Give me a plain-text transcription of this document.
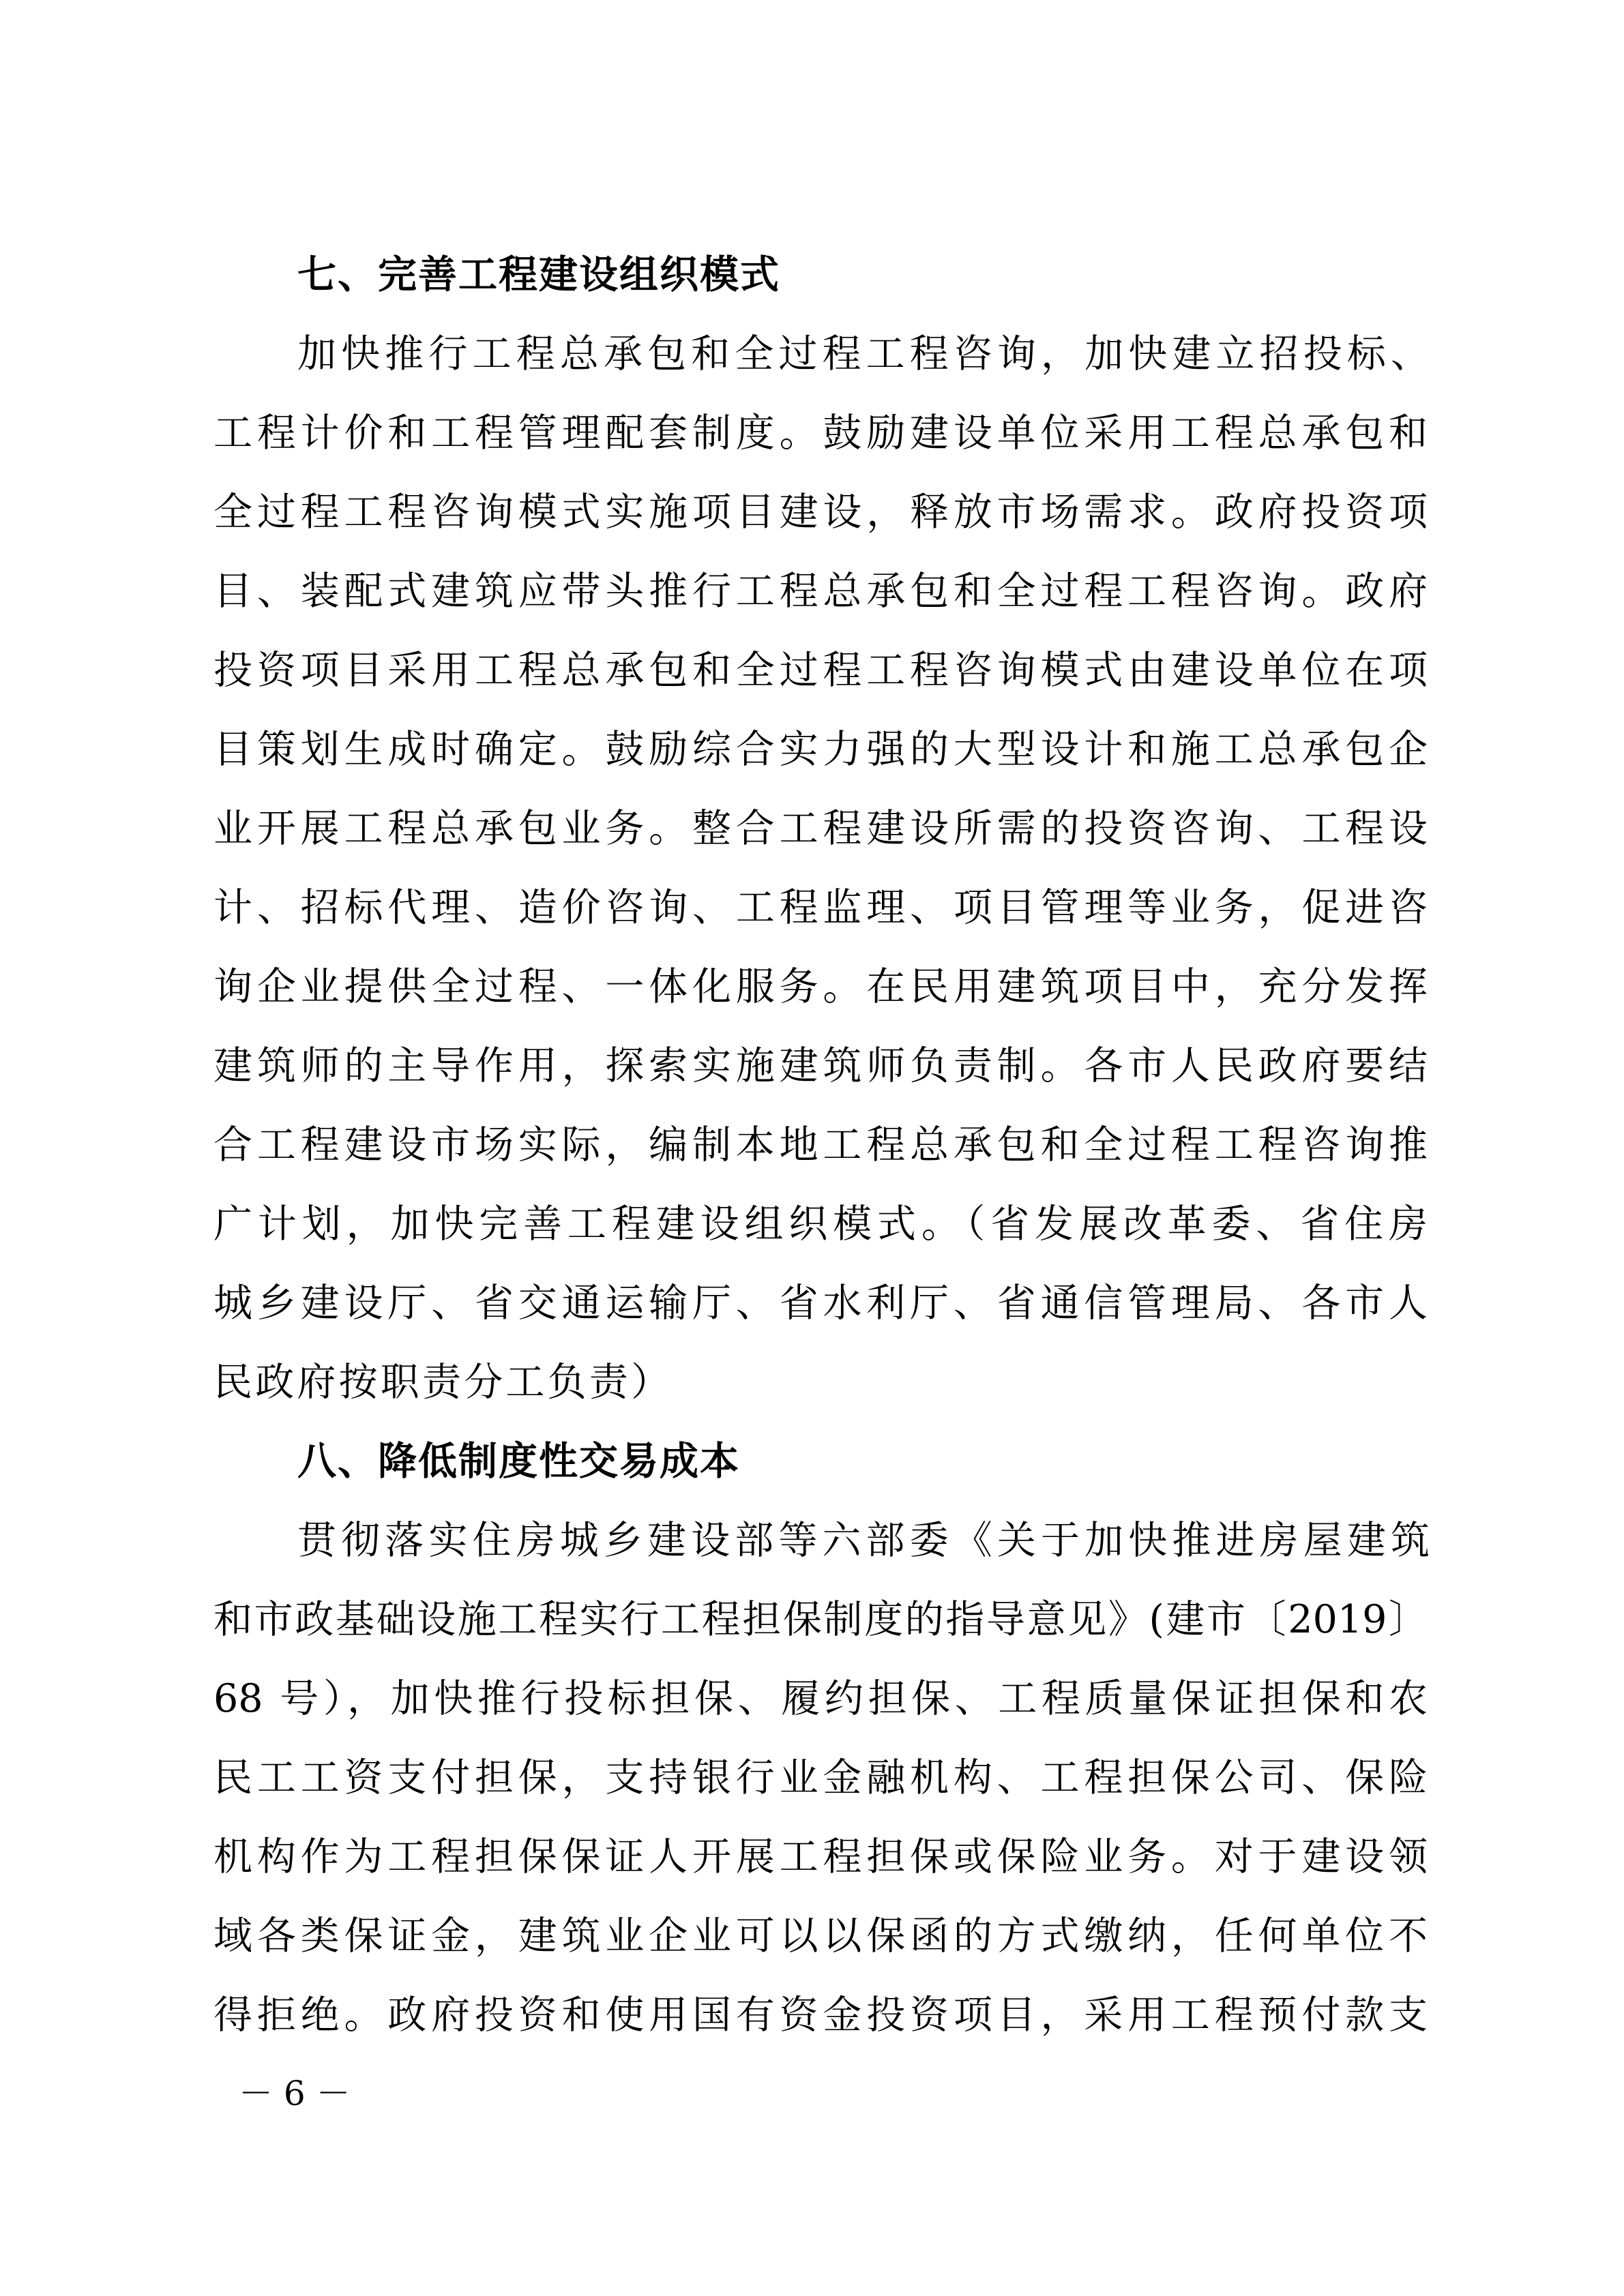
七、完善工程建设组织模式
加快推行工程总承包和全过程工程咨询，加快建立招投标、
工程计价和工程管理配套制度。鼓励建设单位采用工程总承包和
全过程工程咨询模式实施项目建设，释放市场需求。政府投资项
目、装配式建筑应带头推行工程总承包和全过程工程咨询。政府
投资项目采用工程总承包和全过程工程咨询模式由建设单位在项
目策划生成时确定。鼓励综合实力强的大型设计和施工总承包企
业开展工程总承包业务。整合工程建设所需的投资咨询、工程设
计、招标代理、造价咨询、工程监理、项目管理等业务，促进咨
询企业提供全过程、一体化服务。在民用建筑项目中，充分发挥
建筑师的主导作用，探索实施建筑师负责制。各市人民政府要结
合工程建设市场实际，编制本地工程总承包和全过程工程咨询推
广计划，加快完善工程建设组织模式。（省发展改革委、省住房
城乡建设厅、省交通运输厅、省水利厅、省通信管理局、各市人
民政府按职责分工负责）
八、降低制度性交易成本
贯彻落实住房城乡建设部等六部委《关于加快推进房屋建筑
和市政基础设施工程实行工程担保制度的指导意见》(建市〔2019〕
68 号），加快推行投标担保、履约担保、工程质量保证担保和农
民工工资支付担保，支持银行业金融机构、工程担保公司、保险
机构作为工程担保保证人开展工程担保或保险业务。对于建设领
域各类保证金，建筑业企业可以以保函的方式缴纳，任何单位不
得拒绝。政府投资和使用国有资金投资项目，采用工程预付款支
－ 6 －
